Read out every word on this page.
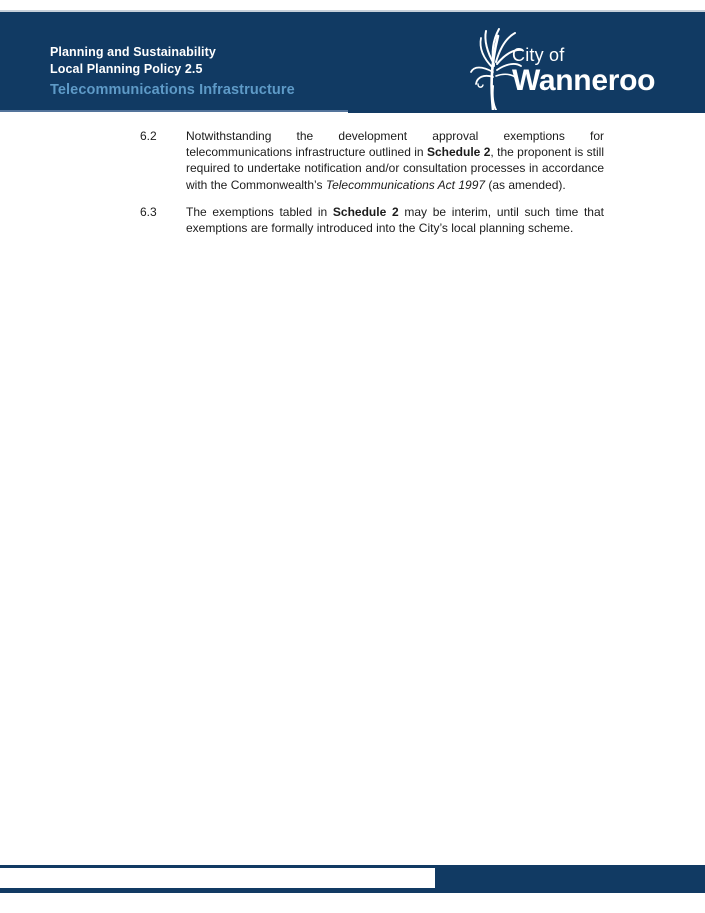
Planning and Sustainability
Local Planning Policy 2.5
Telecommunications Infrastructure
City of
Wanneroo
6.2	Notwithstanding the development approval exemptions for telecommunications infrastructure outlined in Schedule 2, the proponent is still required to undertake notification and/or consultation processes in accordance with the Commonwealth’s Telecommunications Act 1997 (as amended).
6.3	The exemptions tabled in Schedule 2 may be interim, until such time that exemptions are formally introduced into the City’s local planning scheme.
